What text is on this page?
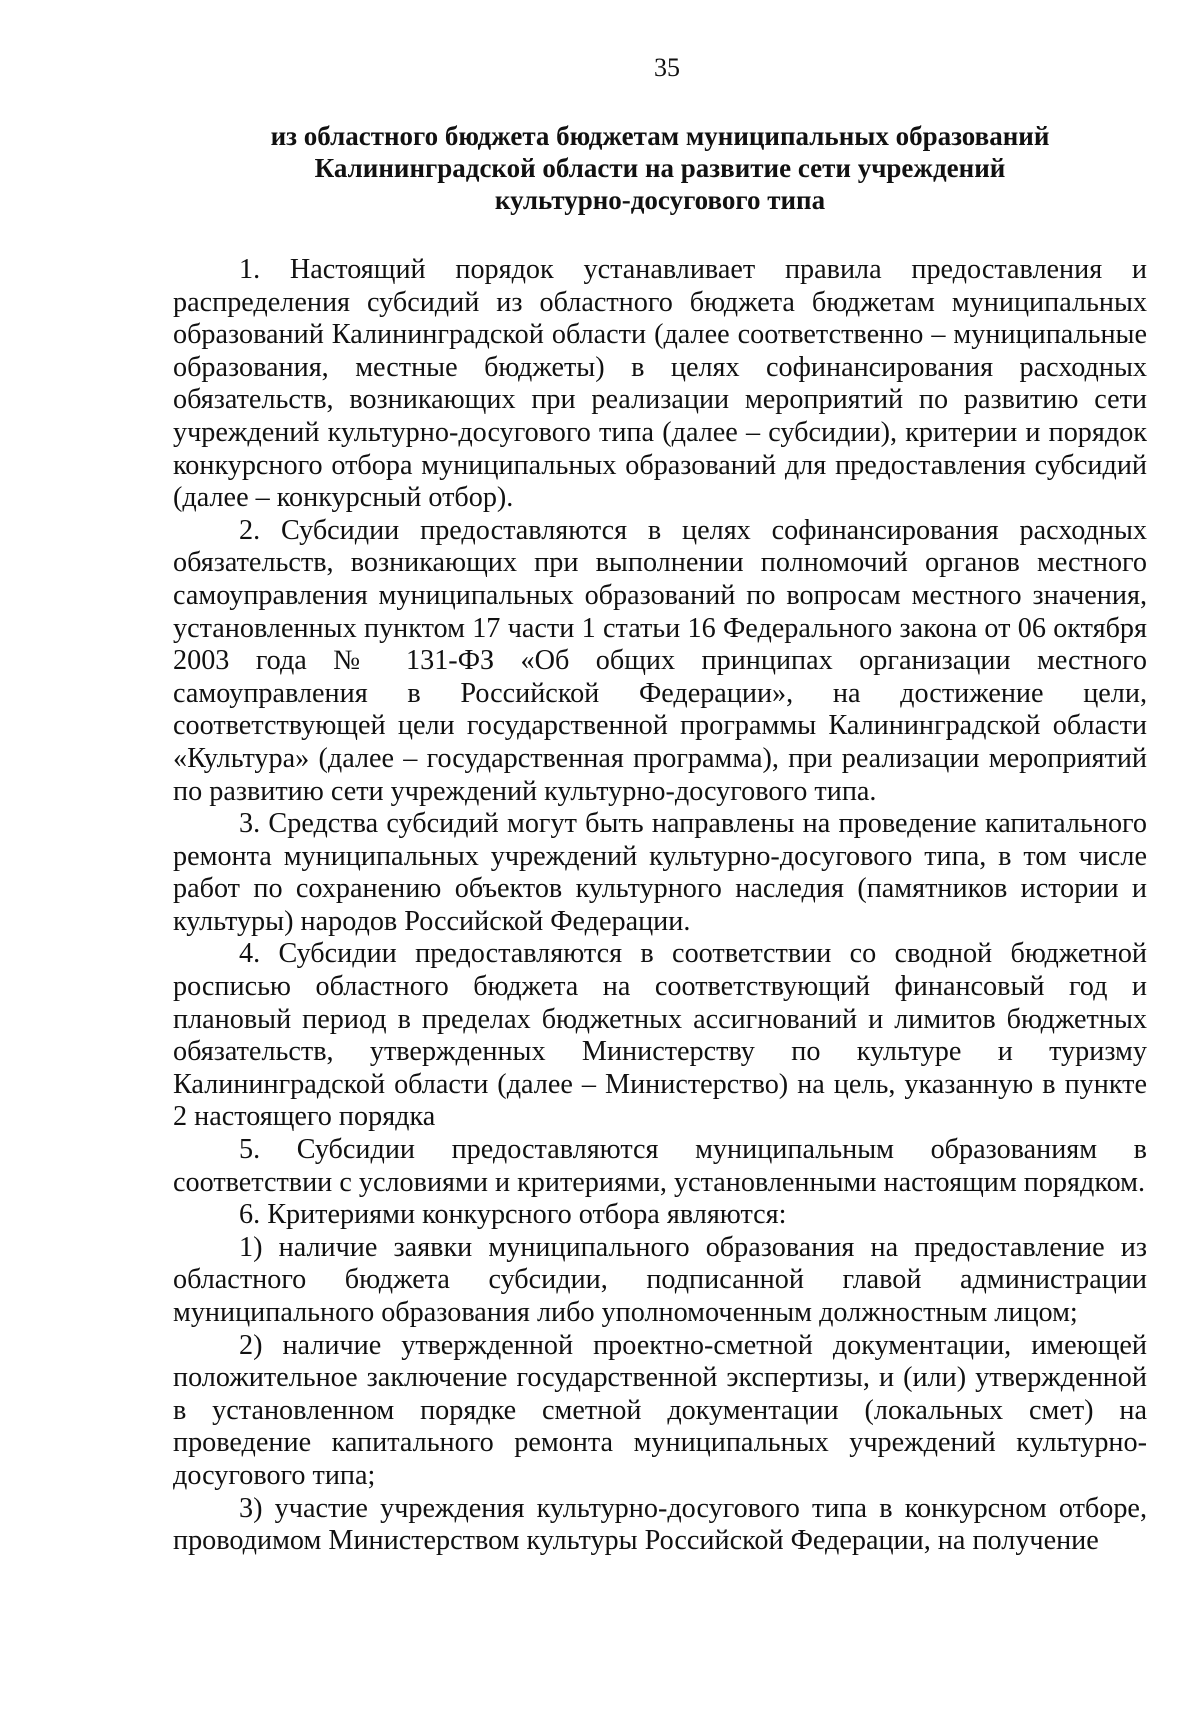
35
из областного бюджета бюджетам муниципальных образований
Калининградской области на развитие сети учреждений
культурно-досугового типа

1. Настоящий порядок устанавливает правила предоставления и распределения субсидий из областного бюджета бюджетам муниципальных образований Калининградской области (далее соответственно – муниципальные образования, местные бюджеты) в целях софинансирования расходных обязательств, возникающих при реализации мероприятий по развитию сети учреждений культурно-досугового типа (далее – субсидии), критерии и порядок конкурсного отбора муниципальных образований для предоставления субсидий (далее – конкурсный отбор).

2. Субсидии предоставляются в целях софинансирования расходных обязательств, возникающих при выполнении полномочий органов местного самоуправления муниципальных образований по вопросам местного значения, установленных пунктом 17 части 1 статьи 16 Федерального закона от 06 октября 2003 года № 131-ФЗ «Об общих принципах организации местного самоуправления в Российской Федерации», на достижение цели, соответствующей цели государственной программы Калининградской области «Культура» (далее – государственная программа), при реализации мероприятий по развитию сети учреждений культурно-досугового типа.

3. Средства субсидий могут быть направлены на проведение капитального ремонта муниципальных учреждений культурно-досугового типа, в том числе работ по сохранению объектов культурного наследия (памятников истории и культуры) народов Российской Федерации.

4. Субсидии предоставляются в соответствии со сводной бюджетной росписью областного бюджета на соответствующий финансовый год и плановый период в пределах бюджетных ассигнований и лимитов бюджетных обязательств, утвержденных Министерству по культуре и туризму Калининградской области (далее – Министерство) на цель, указанную в пункте 2 настоящего порядка

5. Субсидии предоставляются муниципальным образованиям в соответствии с условиями и критериями, установленными настоящим порядком.

6. Критериями конкурсного отбора являются:

1) наличие заявки муниципального образования на предоставление из областного бюджета субсидии, подписанной главой администрации муниципального образования либо уполномоченным должностным лицом;

2) наличие утвержденной проектно-сметной документации, имеющей положительное заключение государственной экспертизы, и (или) утвержденной в установленном порядке сметной документации (локальных смет) на проведение капитального ремонта муниципальных учреждений культурно-досугового типа;

3) участие учреждения культурно-досугового типа в конкурсном отборе, проводимом Министерством культуры Российской Федерации, на получение
